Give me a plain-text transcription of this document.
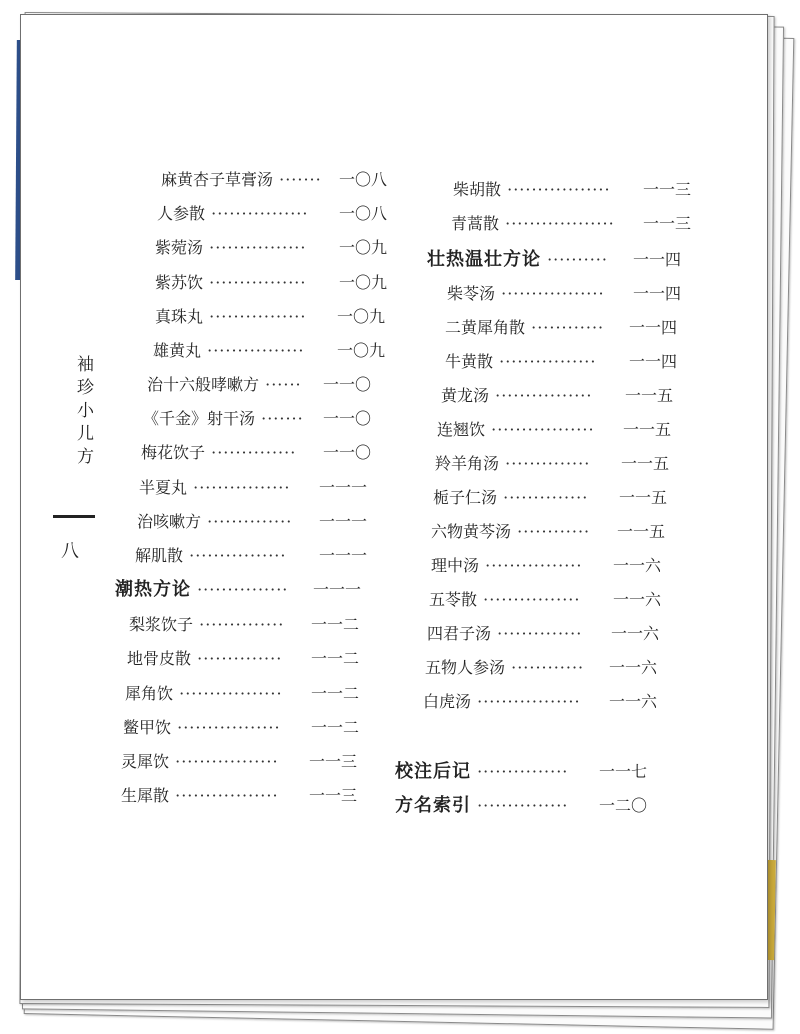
袖珍小儿方
八
麻黄杏子草膏汤 ······· 一〇八
人参散 ················ 一〇八
紫菀汤 ················ 一〇九
紫苏饮 ················ 一〇九
真珠丸 ················ 一〇九
雄黄丸 ················ 一〇九
治十六般哮嗽方 ······ 一一〇
《千金》射干汤 ······· 一一〇
梅花饮子 ·············· 一一〇
半夏丸 ················ 一一一
治咳嗽方 ·············· 一一一
解肌散 ················ 一一一
潮热方论 ··············· 一一一
梨浆饮子 ·············· 一一二
地骨皮散 ·············· 一一二
犀角饮 ················· 一一二
鳖甲饮 ················· 一一二
灵犀饮 ················· 一一三
生犀散 ················· 一一三
柴胡散 ················· 一一三
青蒿散 ·················· 一一三
壮热温壮方论 ·········· 一一四
柴苓汤 ················· 一一四
二黄犀角散 ············ 一一四
牛黄散 ················ 一一四
黄龙汤 ················ 一一五
连翘饮 ················· 一一五
羚羊角汤 ·············· 一一五
栀子仁汤 ·············· 一一五
六物黄芩汤 ············ 一一五
理中汤 ················ 一一六
五苓散 ················ 一一六
四君子汤 ·············· 一一六
五物人参汤 ············ 一一六
白虎汤 ················· 一一六
校注后记 ··············· 一一七
方名索引 ··············· 一二〇
